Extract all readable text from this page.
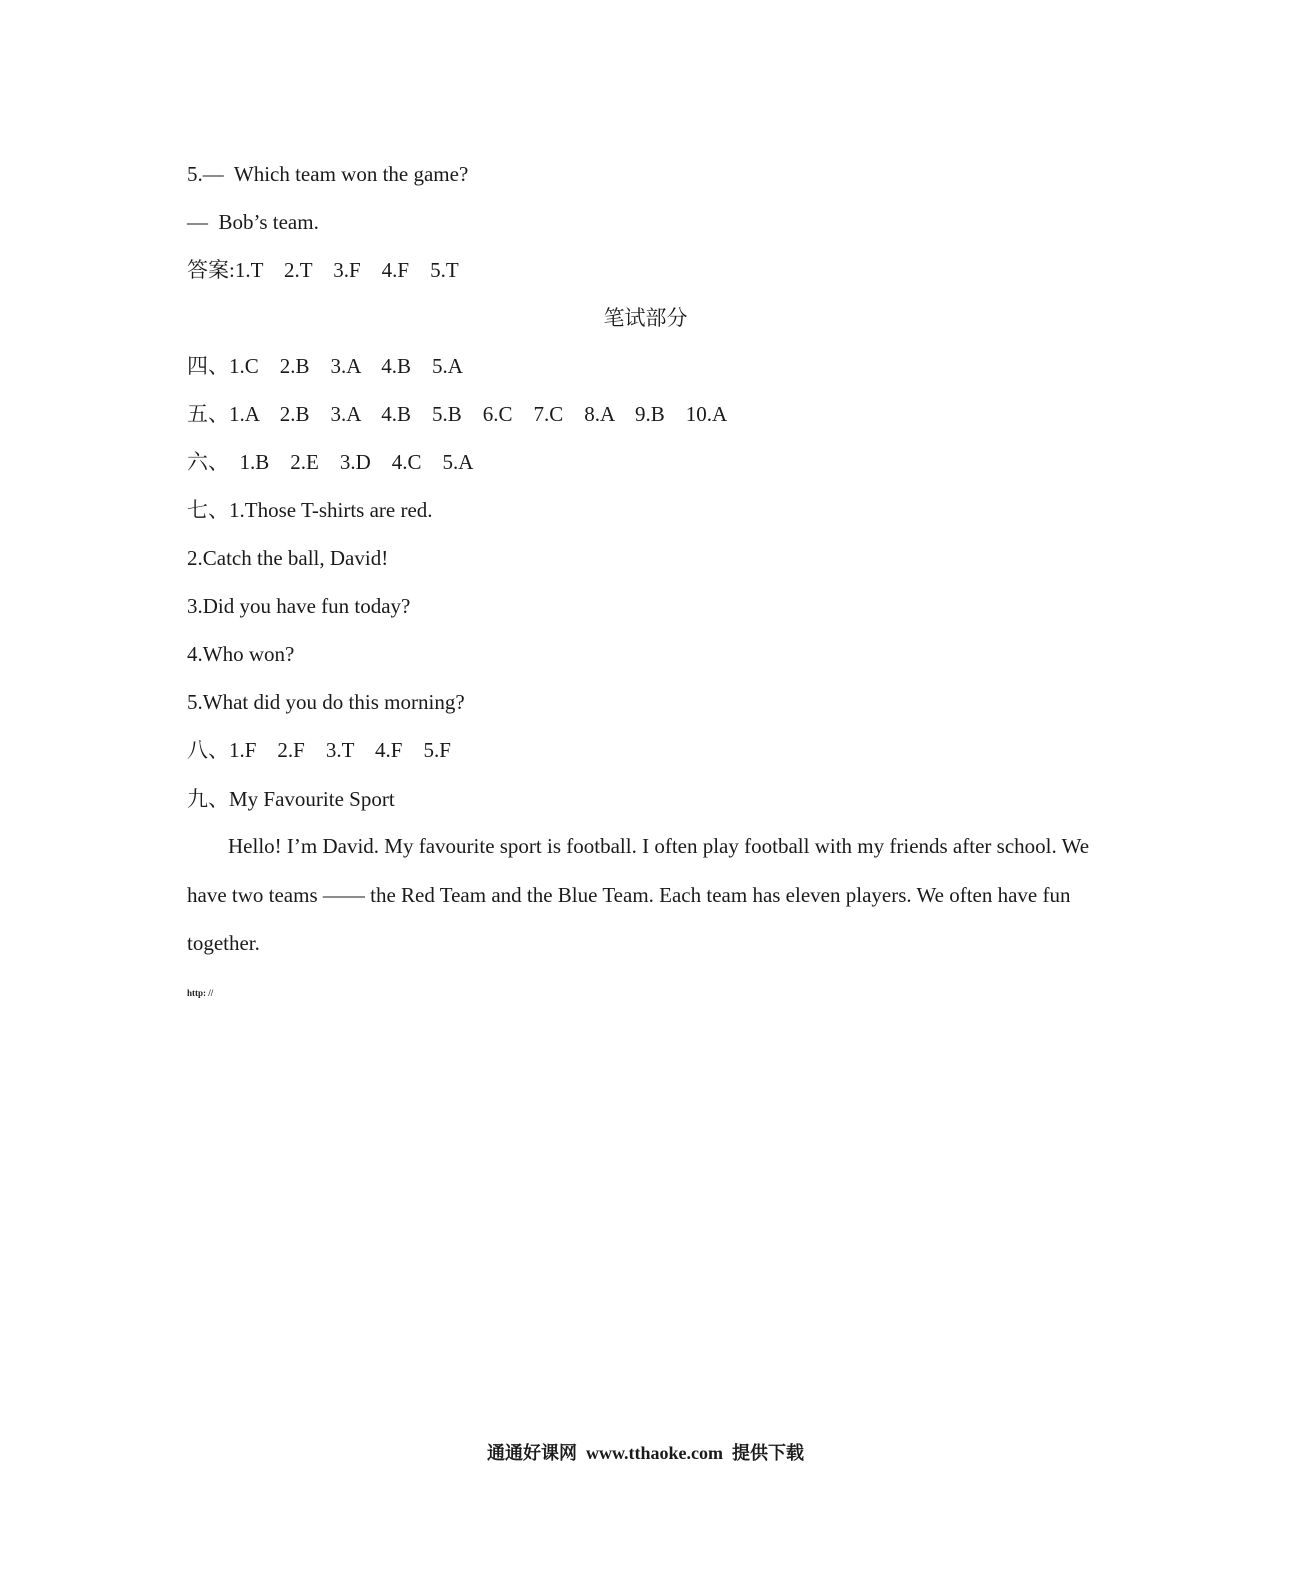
5.—  Which team won the game?
—  Bob’s team.
答案:1.T    2.T    3.F    4.F    5.T
笔试部分
四、1.C    2.B    3.A    4.B    5.A
五、1.A    2.B    3.A    4.B    5.B    6.C    7.C    8.A    9.B    10.A
六、  1.B    2.E    3.D    4.C    5.A
七、1.Those T-shirts are red.
2.Catch the ball, David!
3.Did you have fun today?
4.Who won?
5.What did you do this morning?
八、1.F    2.F    3.T    4.F    5.F
九、My Favourite Sport
Hello! I’m David. My favourite sport is football. I often play football with my friends after school. We have two teams —— the Red Team and the Blue Team. Each team has eleven players. We often have fun together.
http: //
通通好课网  www.tthaoke.com  提供下载
